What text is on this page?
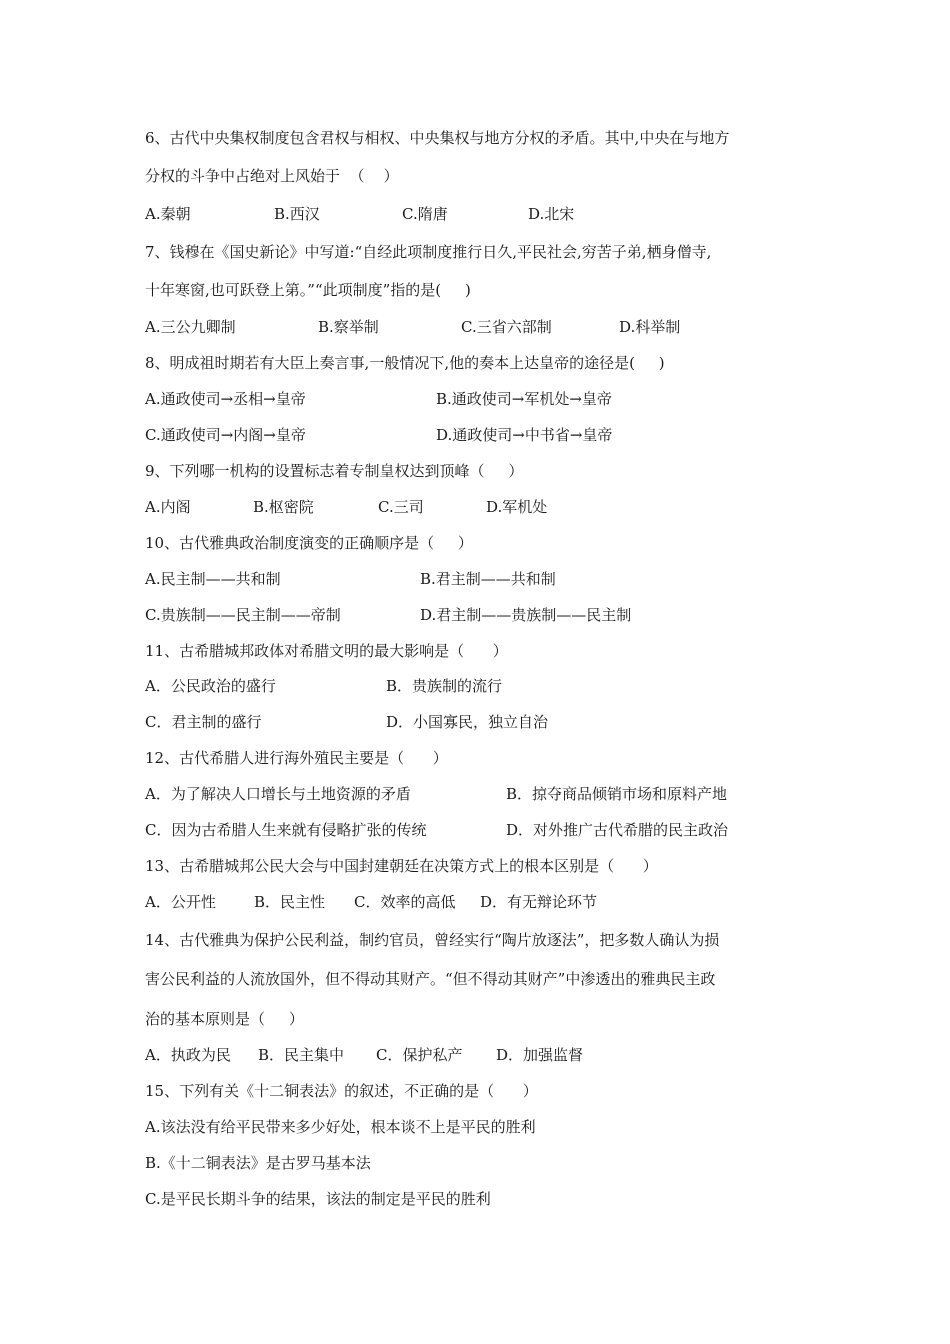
6、古代中央集权制度包含君权与相权、中央集权与地方分权的矛盾。其中,中央在与地方
分权的斗争中占绝对上风始于  （    ）
A.秦朝	B.西汉	C.隋唐	D.北宋
7、钱穆在《国史新论》中写道:“自经此项制度推行日久,平民社会,穷苦子弟,栖身僧寺,
十年寒窗,也可跃登上第。”“此项制度”指的是(     )
A.三公九卿制	B.察举制	C.三省六部制	D.科举制
8、明成祖时期若有大臣上奏言事,一般情况下,他的奏本上达皇帝的途径是(     )
A.通政使司→丞相→皇帝	B.通政使司→军机处→皇帝
C.通政使司→内阁→皇帝	D.通政使司→中书省→皇帝
9、下列哪一机构的设置标志着专制皇权达到顶峰（     ）
A.内阁	B.枢密院	C.三司	D.军机处
10、古代雅典政治制度演变的正确顺序是（     ）
A.民主制——共和制	B.君主制——共和制
C.贵族制——民主制——帝制	D.君主制——贵族制——民主制
11、古希腊城邦政体对希腊文明的最大影响是（      ）
A．公民政治的盛行	B．贵族制的流行
C．君主制的盛行	D．小国寡民，独立自治
12、古代希腊人进行海外殖民主要是（      ）
A．为了解决人口增长与土地资源的矛盾	B．掠夺商品倾销市场和原料产地
C．因为古希腊人生来就有侵略扩张的传统	D．对外推广古代希腊的民主政治
13、古希腊城邦公民大会与中国封建朝廷在决策方式上的根本区别是（      ）
A．公开性	B．民主性 C．效率的高低 D．有无辩论环节
14、古代雅典为保护公民利益，制约官员，曾经实行“陶片放逐法”，把多数人确认为损
害公民利益的人流放国外，但不得动其财产。“但不得动其财产”中渗透出的雅典民主政
治的基本原则是（     ）
A．执政为民 B．民主集中 C．保护私产 D．加强监督
15、下列有关《十二铜表法》的叙述，不正确的是（      ）
A.该法没有给平民带来多少好处，根本谈不上是平民的胜利
B.《十二铜表法》是古罗马基本法
C.是平民长期斗争的结果，该法的制定是平民的胜利
